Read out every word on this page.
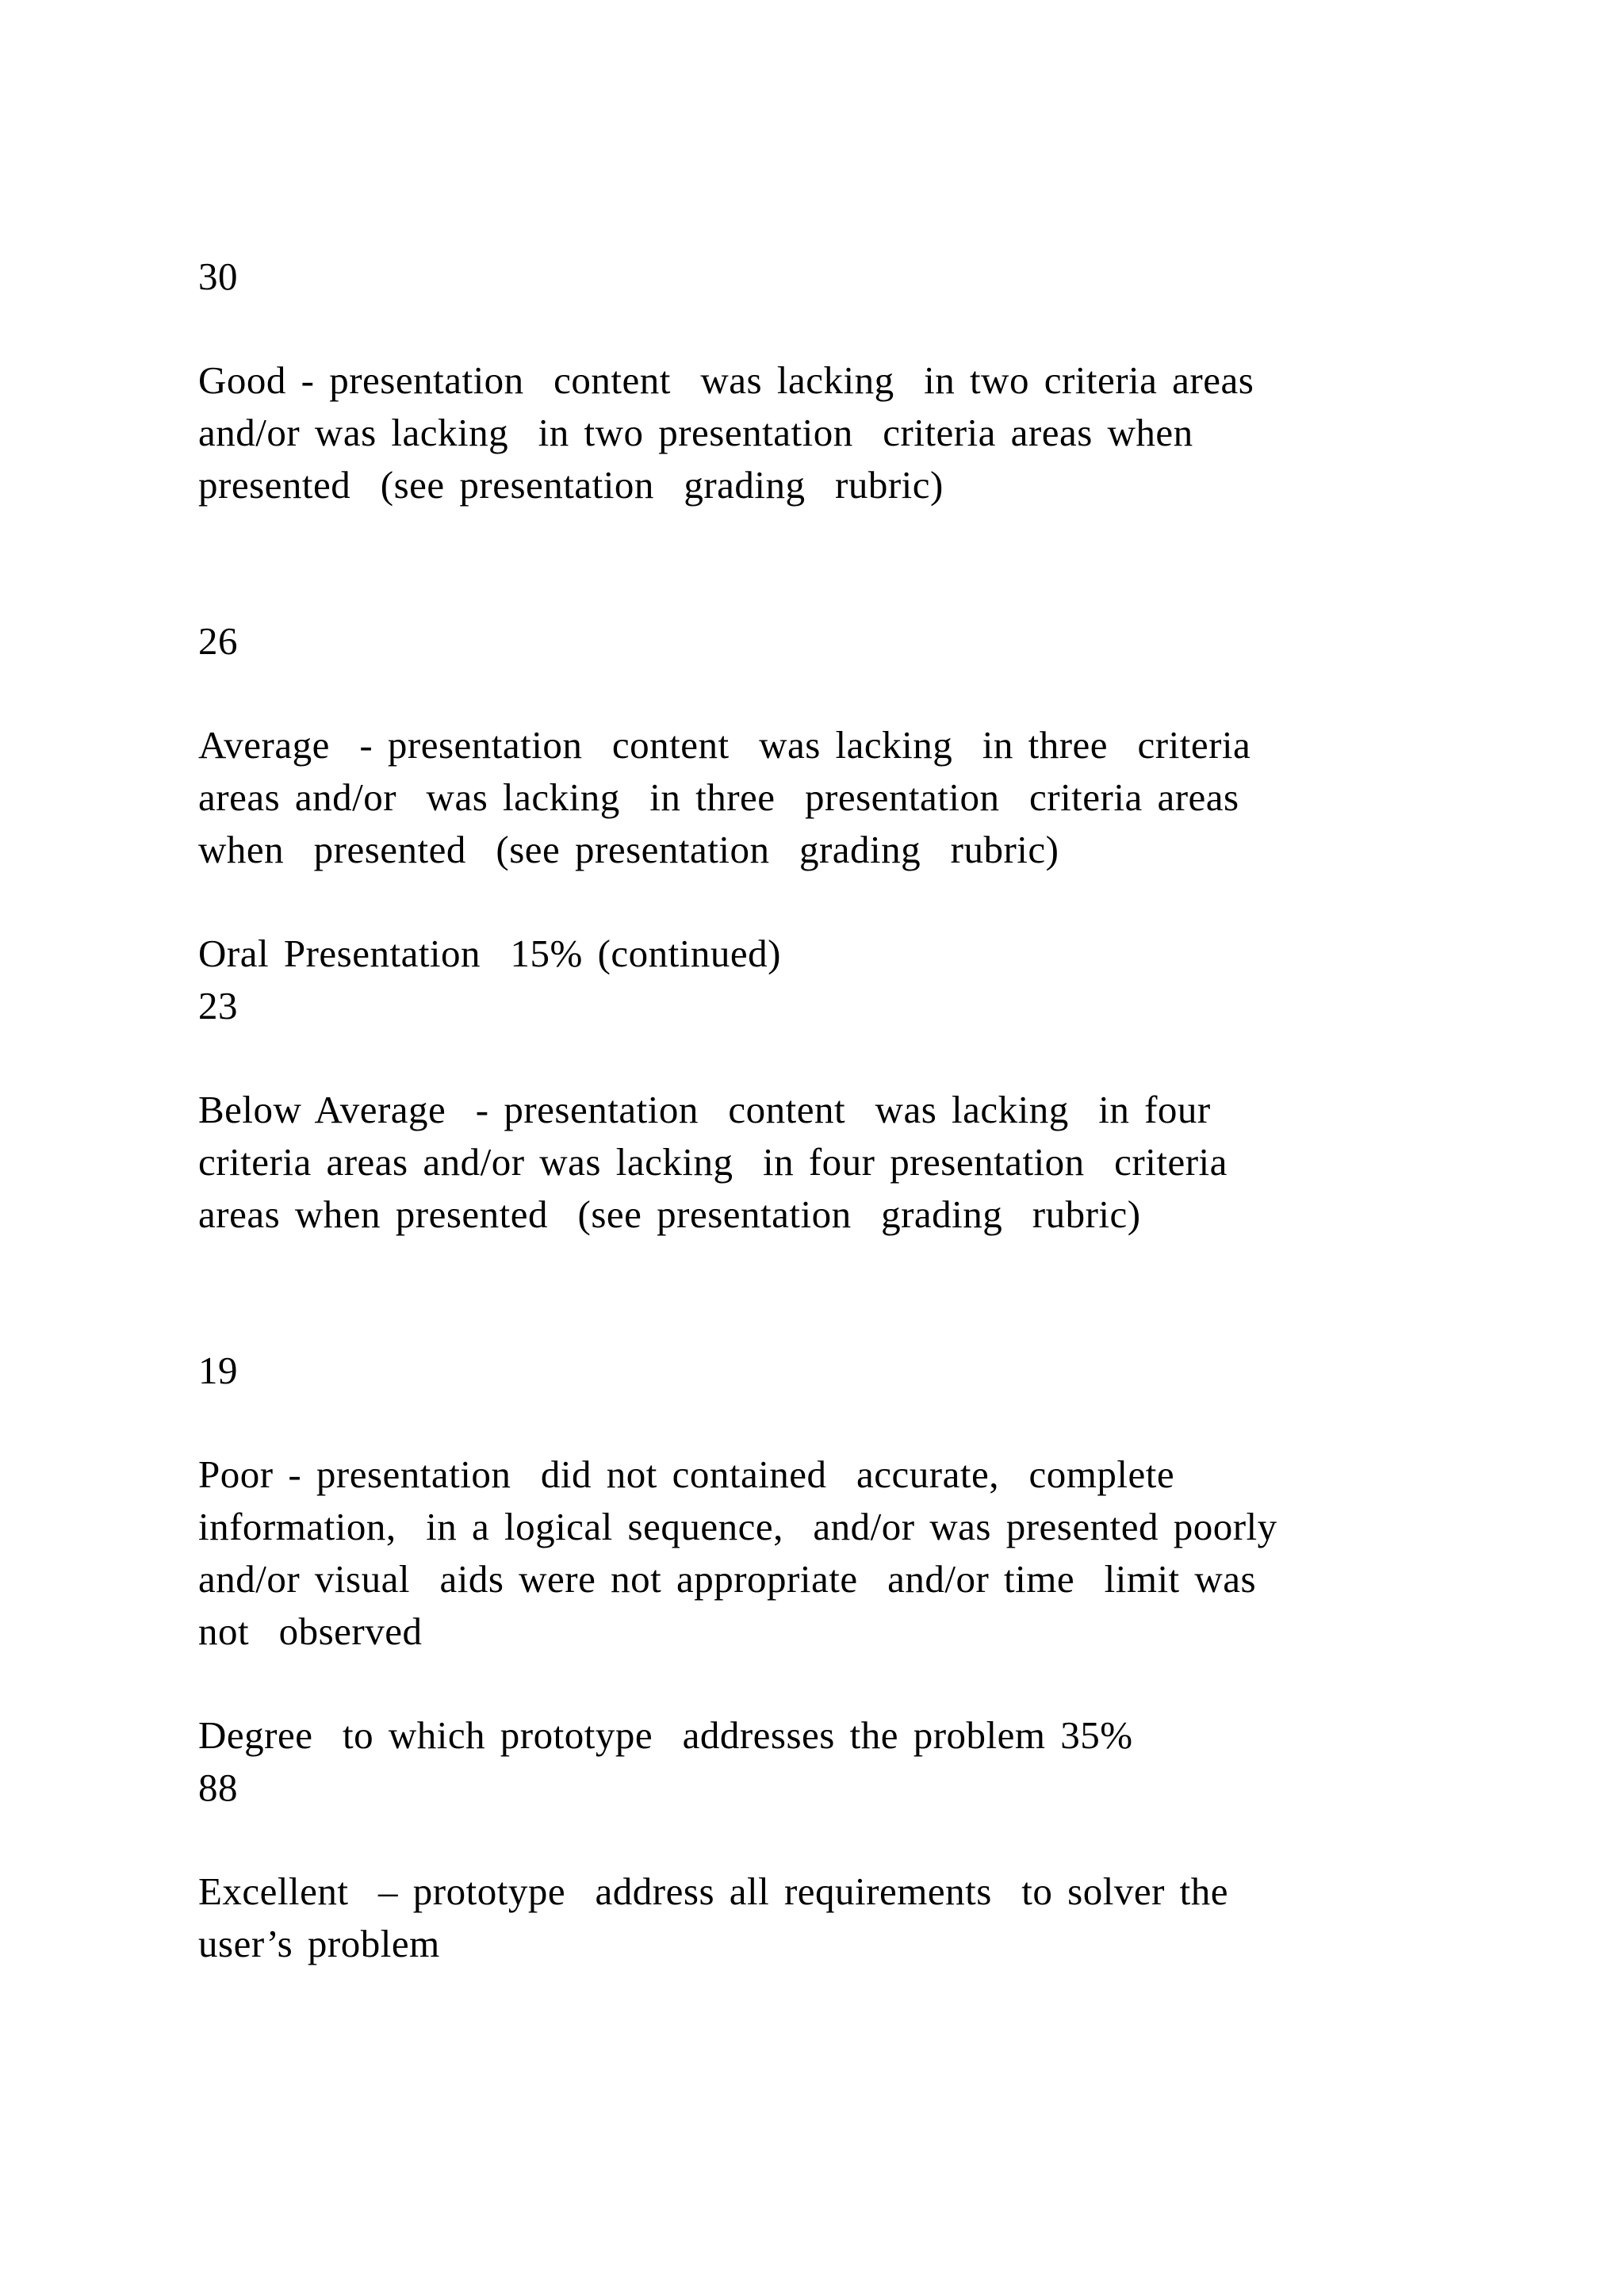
30
Good - presentation  content  was lacking  in two criteria areas
and/or was lacking  in two presentation  criteria areas when
presented  (see presentation  grading  rubric)
26
Average  - presentation  content  was lacking  in three  criteria
areas and/or  was lacking  in three  presentation  criteria areas
when  presented  (see presentation  grading  rubric)
Oral Presentation  15% (continued)
23
Below Average  - presentation  content  was lacking  in four
criteria areas and/or was lacking  in four presentation  criteria
areas when presented  (see presentation  grading  rubric)
19
Poor - presentation  did not contained  accurate,  complete
information,  in a logical sequence,  and/or was presented poorly
and/or visual  aids were not appropriate  and/or time  limit was
not  observed
Degree  to which prototype  addresses the problem 35%
88
Excellent  – prototype  address all requirements  to solver the
user’s problem
